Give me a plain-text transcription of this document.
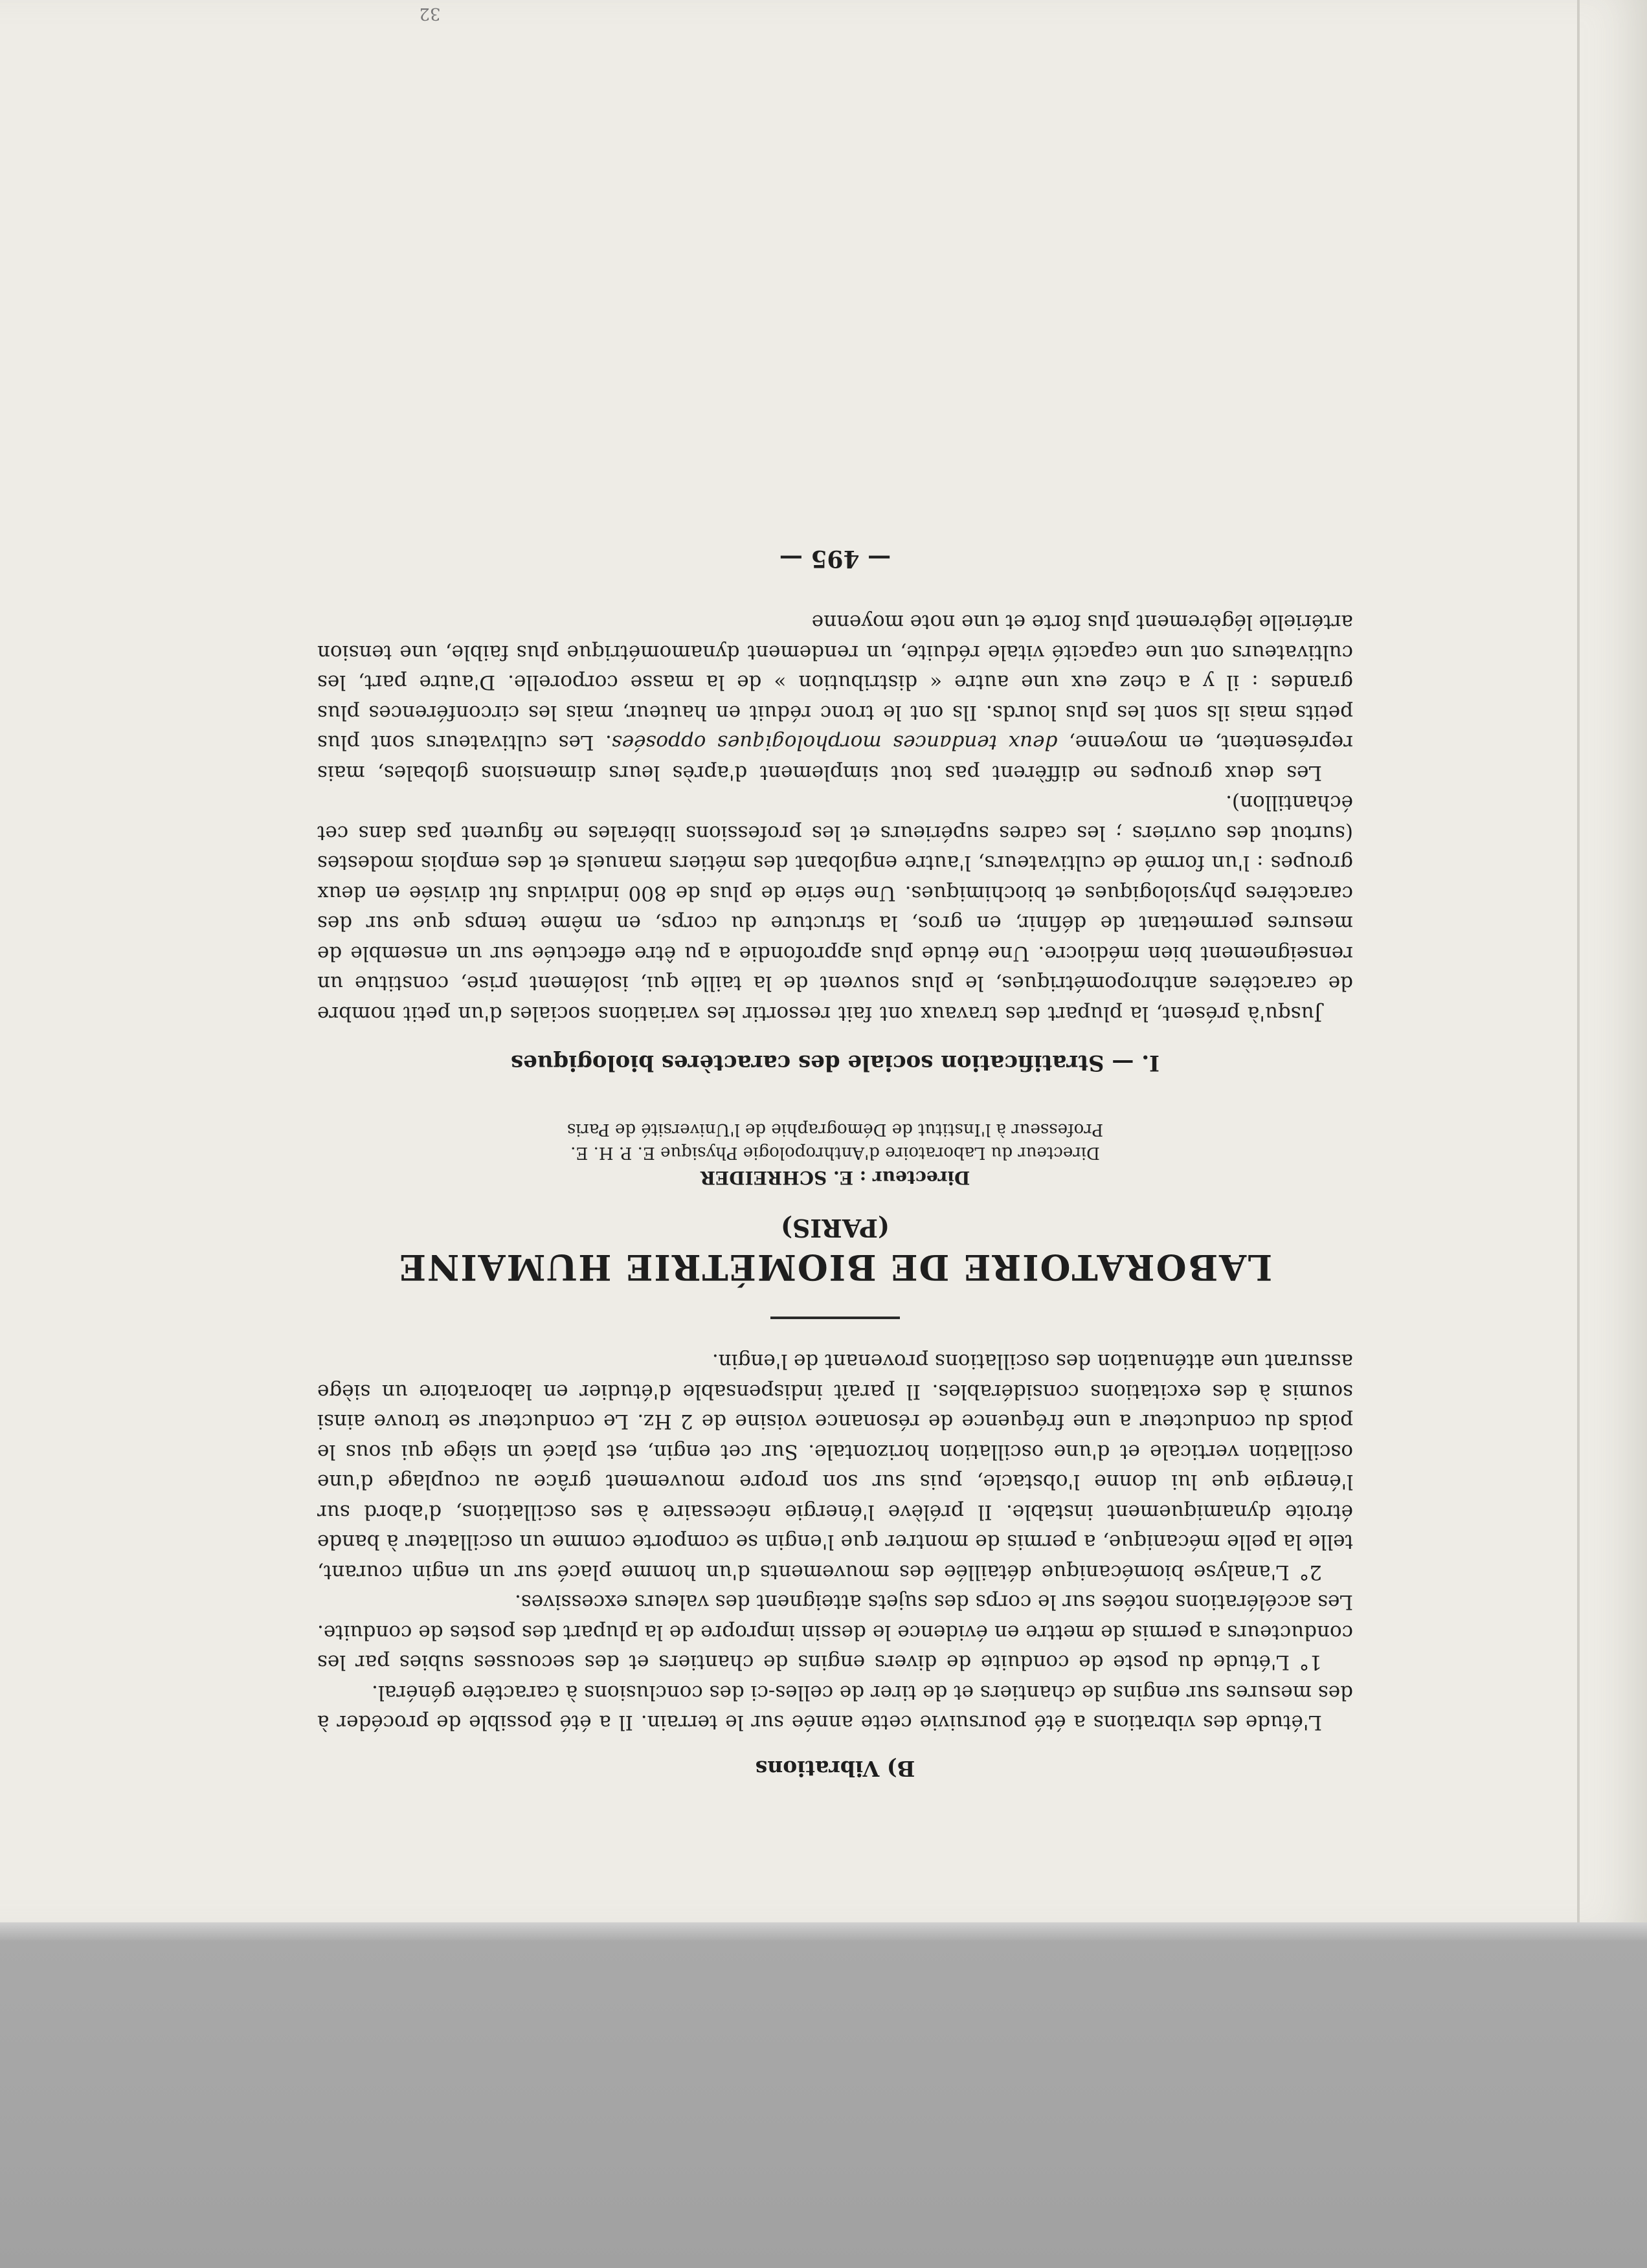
32
B) Vibrations

L'étude des vibrations a été poursuivie cette année sur le terrain. Il a été possible de procéder à des mesures sur engins de chantiers et de tirer de celles-ci des conclusions à caractère général.

1° L'étude du poste de conduite de divers engins de chantiers et des secousses subies par les conducteurs a permis de mettre en évidence le dessin impropre de la plupart des postes de conduite. Les accélérations notées sur le corps des sujets atteignent des valeurs excessives.

2° L'analyse biomécanique détaillée des mouvements d'un homme placé sur un engin courant, telle la pelle mécanique, a permis de montrer que l'engin se comporte comme un oscillateur à bande étroite dynamiquement instable. Il prélève l'énergie nécessaire à ses oscillations, d'abord sur l'énergie que lui donne l'obstacle, puis sur son propre mouvement grâce au couplage d'une oscillation verticale et d'une oscillation horizontale. Sur cet engin, est placé un siège qui sous le poids du conducteur a une fréquence de résonance voisine de 2 Hz. Le conducteur se trouve ainsi soumis à des excitations considérables. Il paraît indispensable d'étudier en laboratoire un siège assurant une atténuation des oscillations provenant de l'engin.

LABORATOIRE DE BIOMÉTRIE HUMAINE
(PARIS)

Directeur : E. SCHREIDER

Directeur du Laboratoire d'Anthropologie Physique E. P. H. E.

Professeur à l'Institut de Démographie de l'Université de Paris

I. — Stratification sociale des caractères biologiques

Jusqu'à présent, la plupart des travaux ont fait ressortir les variations sociales d'un petit nombre de caractères anthropométriques, le plus souvent de la taille qui, isolément prise, constitue un renseignement bien médiocre. Une étude plus approfondie a pu être effectuée sur un ensemble de mesures permettant de définir, en gros, la structure du corps, en même temps que sur des caractères physiologiques et biochimiques. Une série de plus de 800 individus fut divisée en deux groupes : l'un formé de cultivateurs, l'autre englobant des métiers manuels et des emplois modestes (surtout des ouvriers ; les cadres supérieurs et les professions libérales ne figurent pas dans cet échantillon).

Les deux groupes ne diffèrent pas tout simplement d'après leurs dimensions globales, mais représentent, en moyenne, deux tendances morphologiques opposées. Les cultivateurs sont plus petits mais ils sont les plus lourds. Ils ont le tronc réduit en hauteur, mais les circonférences plus grandes : il y a chez eux une autre « distribution » de la masse corporelle. D'autre part, les cultivateurs ont une capacité vitale réduite, un rendement dynamométrique plus faible, une tension artérielle légèrement plus forte et une note moyenne

— 495 —
